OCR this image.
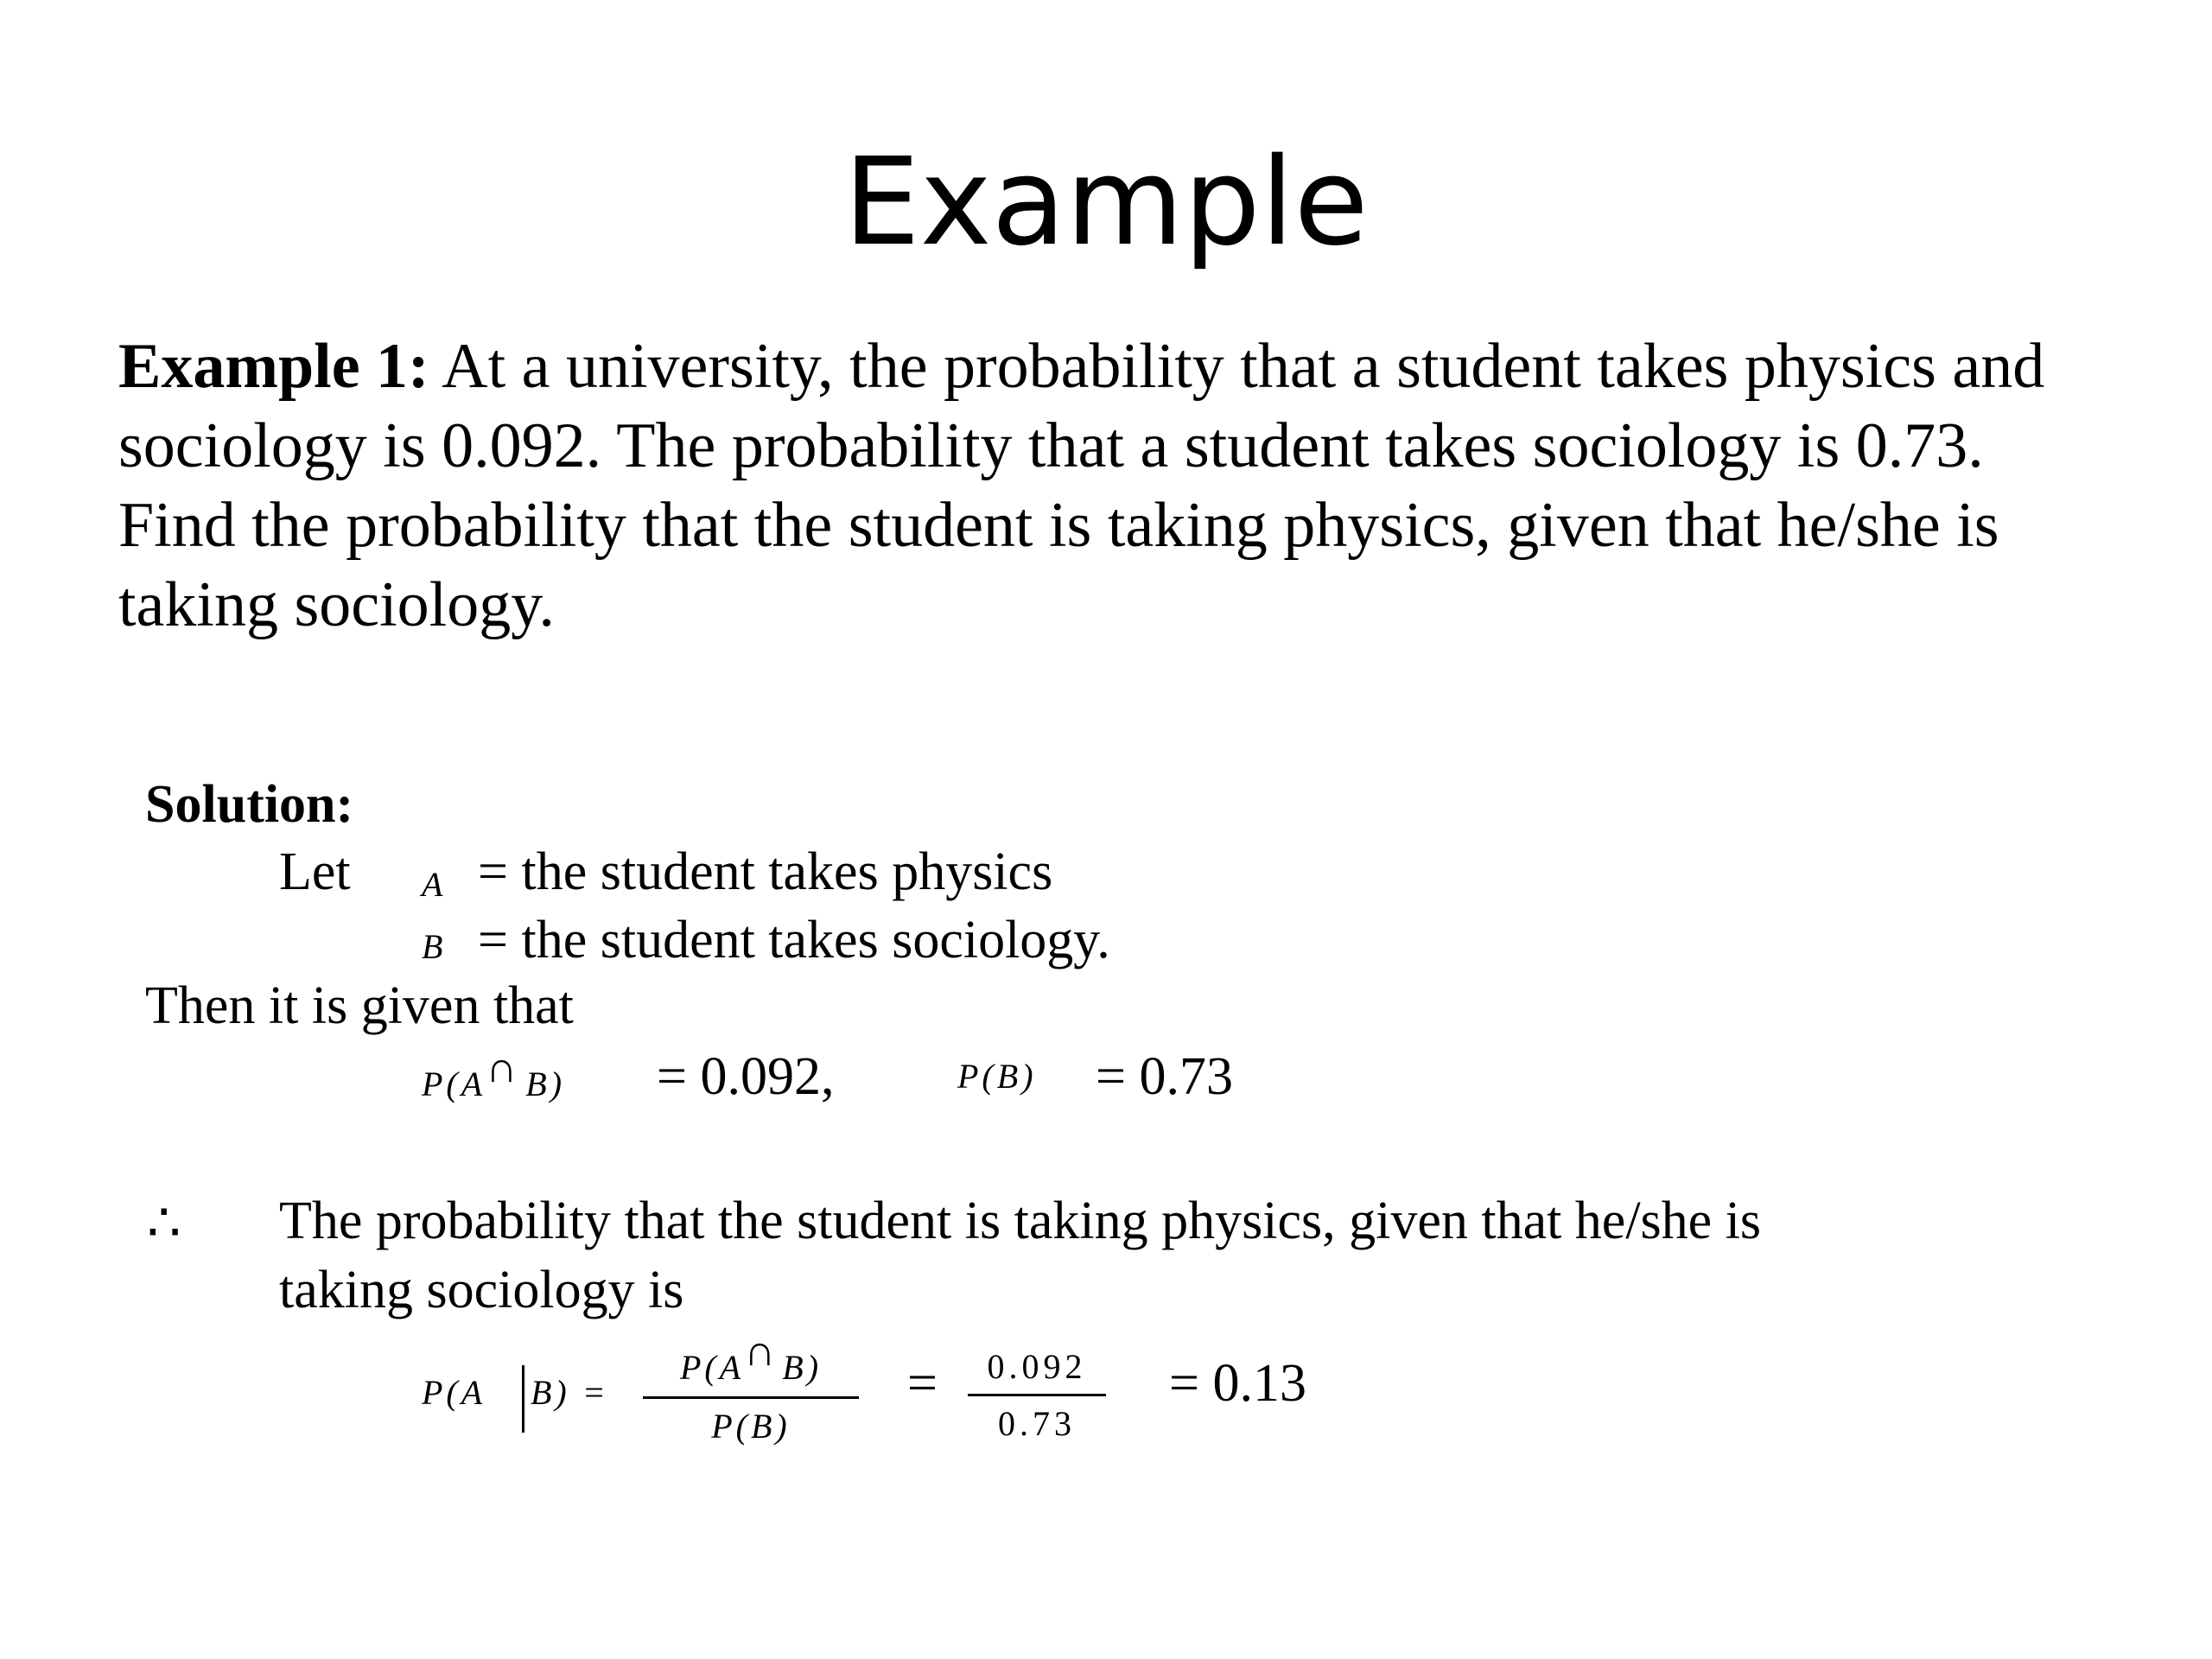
Example
Example 1: At a university, the probability that a student takes physics and
sociology is 0.092. The probability that a student takes sociology is 0.73.
Find the probability that the student is taking physics, given that he/she is
taking sociology.
Solution:
Let A = the student takes physics
B = the student takes sociology.
Then it is given that
P(A∩ B) = 0.092,	P(B) = 0.73
∴ The probability that the student is taking physics, given that he/she is
taking sociology is
P(A B) =
P(A∩ B)
P(B)
=	0.092
0.73
= 0.13
